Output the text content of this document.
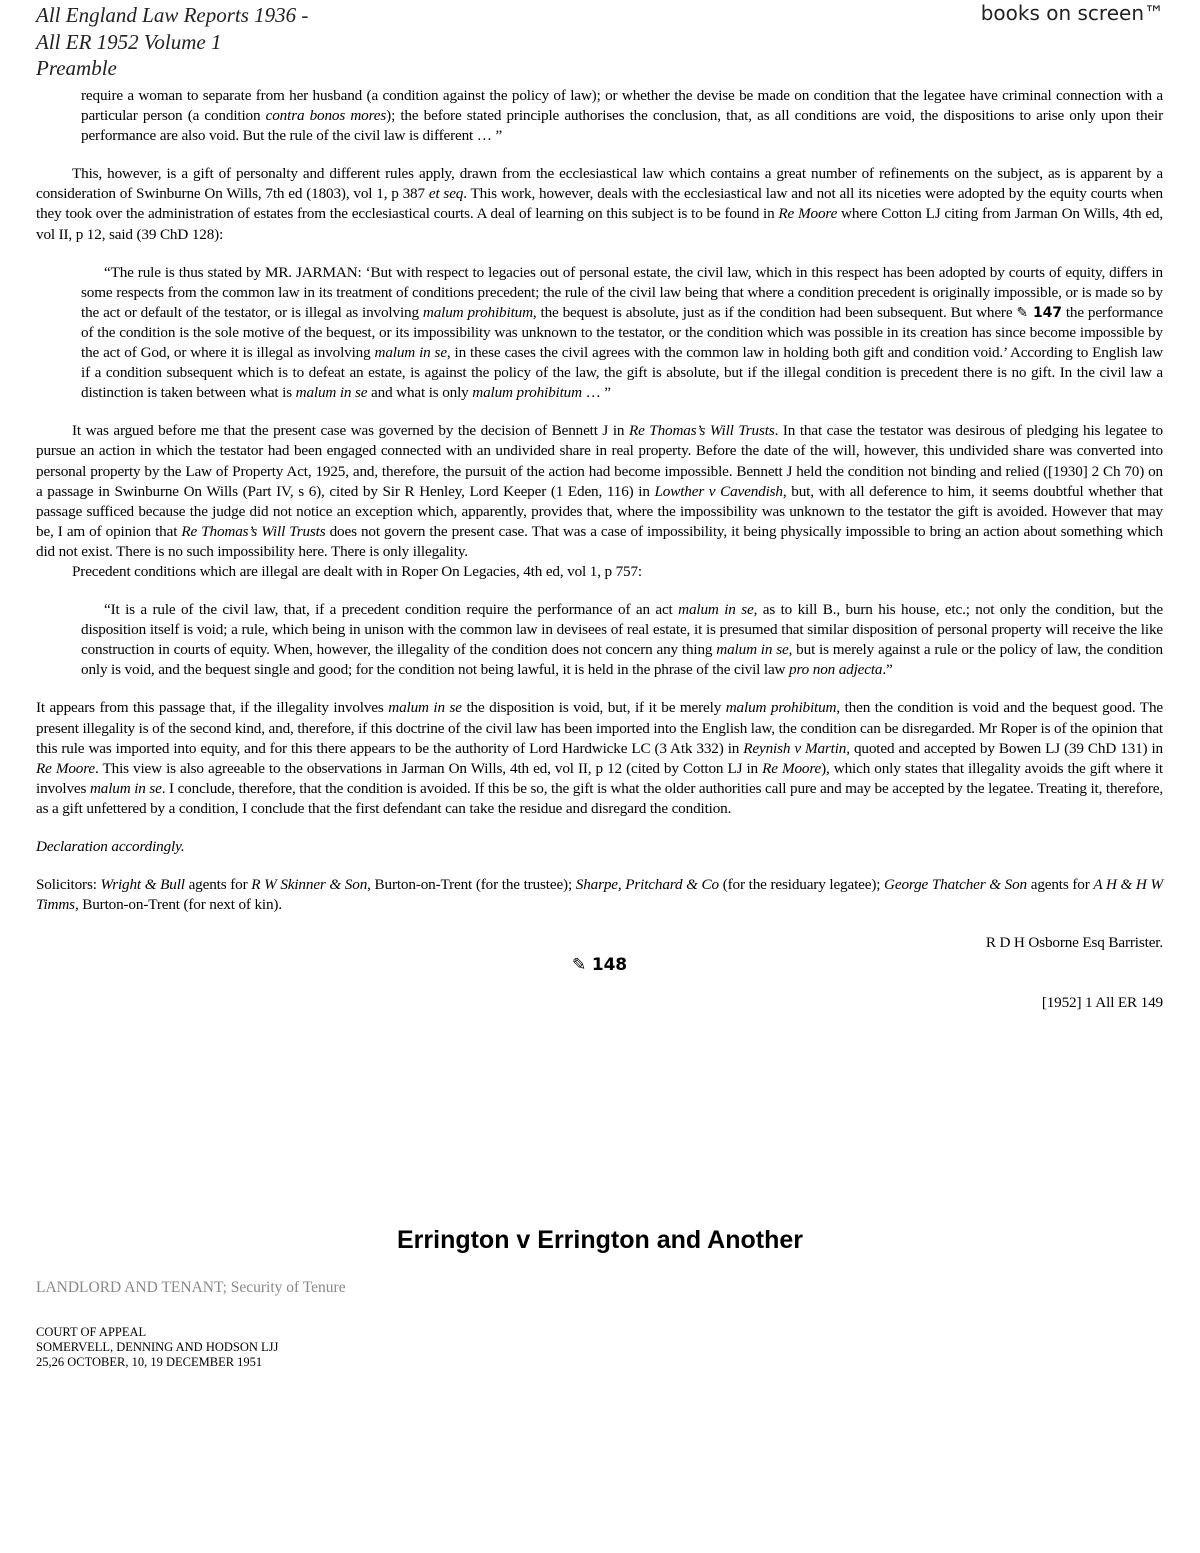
All England Law Reports 1936 -
All ER 1952 Volume 1
Preamble
books on screen™

require a woman to separate from her husband (a condition against the policy of law); or whether the devise be made on condition that the legatee have criminal connection with a particular person (a condition contra bonos mores); the before stated principle authorises the conclusion, that, as all conditions are void, the dispositions to arise only upon their performance are also void. But the rule of the civil law is different … ”

This, however, is a gift of personalty and different rules apply, drawn from the ecclesiastical law which contains a great number of refinements on the subject, as is apparent by a consideration of Swinburne On Wills, 7th ed (1803), vol 1, p 387 et seq. This work, however, deals with the ecclesiastical law and not all its niceties were adopted by the equity courts when they took over the administration of estates from the ecclesiastical courts. A deal of learning on this subject is to be found in Re Moore where Cotton LJ citing from Jarman On Wills, 4th ed, vol II, p 12, said (39 ChD 128):

“The rule is thus stated by MR. JARMAN: ‘But with respect to legacies out of personal estate, the civil law, which in this respect has been adopted by courts of equity, differs in some respects from the common law in its treatment of conditions precedent; the rule of the civil law being that where a condition precedent is originally impossible, or is made so by the act or default of the testator, or is illegal as involving malum prohibitum, the bequest is absolute, just as if the condition had been subsequent. But where ✎ 147 the performance of the condition is the sole motive of the bequest, or its impossibility was unknown to the testator, or the condition which was possible in its creation has since become impossible by the act of God, or where it is illegal as involving malum in se, in these cases the civil agrees with the common law in holding both gift and condition void.’ According to English law if a condition subsequent which is to defeat an estate, is against the policy of the law, the gift is absolute, but if the illegal condition is precedent there is no gift. In the civil law a distinction is taken between what is malum in se and what is only malum prohibitum … ”

It was argued before me that the present case was governed by the decision of Bennett J in Re Thomas’s Will Trusts. In that case the testator was desirous of pledging his legatee to pursue an action in which the testator had been engaged connected with an undivided share in real property. Before the date of the will, however, this undivided share was converted into personal property by the Law of Property Act, 1925, and, therefore, the pursuit of the action had become impossible. Bennett J held the condition not binding and relied ([1930] 2 Ch 70) on a passage in Swinburne On Wills (Part IV, s 6), cited by Sir R Henley, Lord Keeper (1 Eden, 116) in Lowther v Cavendish, but, with all deference to him, it seems doubtful whether that passage sufficed because the judge did not notice an exception which, apparently, provides that, where the impossibility was unknown to the testator the gift is avoided. However that may be, I am of opinion that Re Thomas’s Will Trusts does not govern the present case. That was a case of impossibility, it being physically impossible to bring an action about something which did not exist. There is no such impossibility here. There is only illegality.

Precedent conditions which are illegal are dealt with in Roper On Legacies, 4th ed, vol 1, p 757:

“It is a rule of the civil law, that, if a precedent condition require the performance of an act malum in se, as to kill B., burn his house, etc.; not only the condition, but the disposition itself is void; a rule, which being in unison with the common law in devisees of real estate, it is presumed that similar disposition of personal property will receive the like construction in courts of equity. When, however, the illegality of the condition does not concern any thing malum in se, but is merely against a rule or the policy of law, the condition only is void, and the bequest single and good; for the condition not being lawful, it is held in the phrase of the civil law pro non adjecta.”

It appears from this passage that, if the illegality involves malum in se the disposition is void, but, if it be merely malum prohibitum, then the condition is void and the bequest good. The present illegality is of the second kind, and, therefore, if this doctrine of the civil law has been imported into the English law, the condition can be disregarded. Mr Roper is of the opinion that this rule was imported into equity, and for this there appears to be the authority of Lord Hardwicke LC (3 Atk 332) in Reynish v Martin, quoted and accepted by Bowen LJ (39 ChD 131) in Re Moore. This view is also agreeable to the observations in Jarman On Wills, 4th ed, vol II, p 12 (cited by Cotton LJ in Re Moore), which only states that illegality avoids the gift where it involves malum in se. I conclude, therefore, that the condition is avoided. If this be so, the gift is what the older authorities call pure and may be accepted by the legatee. Treating it, therefore, as a gift unfettered by a condition, I conclude that the first defendant can take the residue and disregard the condition.

Declaration accordingly.

Solicitors: Wright & Bull agents for R W Skinner & Son, Burton-on-Trent (for the trustee); Sharpe, Pritchard & Co (for the residuary legatee); George Thatcher & Son agents for A H & H W Timms, Burton-on-Trent (for next of kin).

R D H Osborne Esq Barrister.

✎ 148

[1952] 1 All ER 149

Errington v Errington and Another
LANDLORD AND TENANT; Security of Tenure
COURT OF APPEAL
SOMERVELL, DENNING AND HODSON LJJ
25,26 OCTOBER, 10, 19 DECEMBER 1951
